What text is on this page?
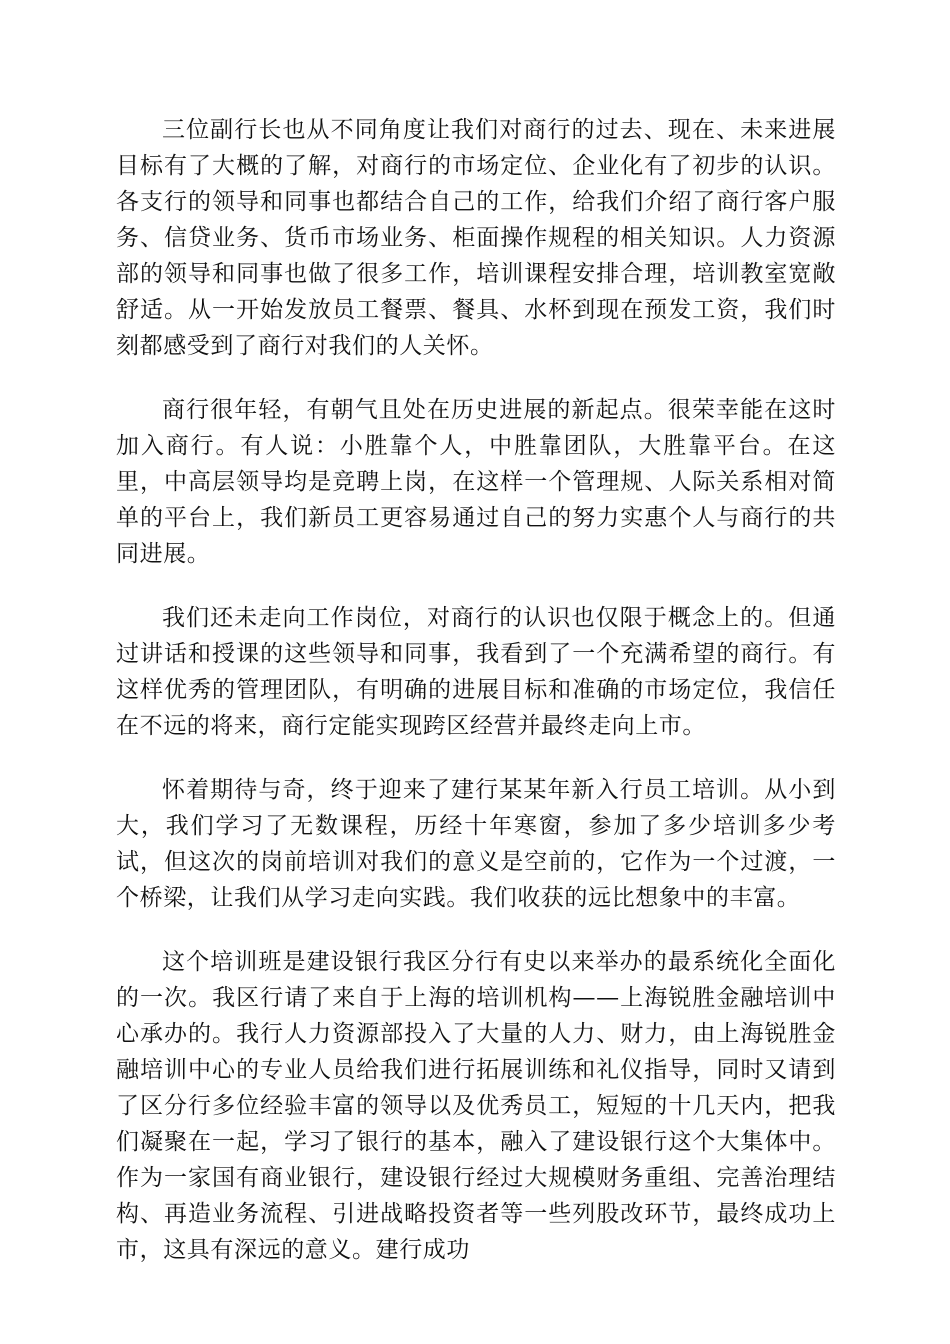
三位副行长也从不同角度让我们对商行的过去、现在、未来进展目标有了大概的了解，对商行的市场定位、企业化有了初步的认识。各支行的领导和同事也都结合自己的工作，给我们介绍了商行客户服务、信贷业务、货币市场业务、柜面操作规程的相关知识。人力资源部的领导和同事也做了很多工作，培训课程安排合理，培训教室宽敞舒适。从一开始发放员工餐票、餐具、水杯到现在预发工资，我们时刻都感受到了商行对我们的人关怀。

商行很年轻，有朝气且处在历史进展的新起点。很荣幸能在这时加入商行。有人说：小胜靠个人，中胜靠团队，大胜靠平台。在这里，中高层领导均是竞聘上岗，在这样一个管理规、人际关系相对简单的平台上，我们新员工更容易通过自己的努力实惠个人与商行的共同进展。

我们还未走向工作岗位，对商行的认识也仅限于概念上的。但通过讲话和授课的这些领导和同事，我看到了一个充满希望的商行。有这样优秀的管理团队，有明确的进展目标和准确的市场定位，我信任在不远的将来，商行定能实现跨区经营并最终走向上市。

怀着期待与奇，终于迎来了建行某某年新入行员工培训。从小到大，我们学习了无数课程，历经十年寒窗，参加了多少培训多少考试，但这次的岗前培训对我们的意义是空前的，它作为一个过渡，一个桥梁，让我们从学习走向实践。我们收获的远比想象中的丰富。

这个培训班是建设银行我区分行有史以来举办的最系统化全面化的一次。我区行请了来自于上海的培训机构——上海锐胜金融培训中心承办的。我行人力资源部投入了大量的人力、财力，由上海锐胜金融培训中心的专业人员给我们进行拓展训练和礼仪指导，同时又请到了区分行多位经验丰富的领导以及优秀员工，短短的十几天内，把我们凝聚在一起，学习了银行的基本，融入了建设银行这个大集体中。作为一家国有商业银行，建设银行经过大规模财务重组、完善治理结构、再造业务流程、引进战略投资者等一些列股改环节，最终成功上市，这具有深远的意义。建行成功
